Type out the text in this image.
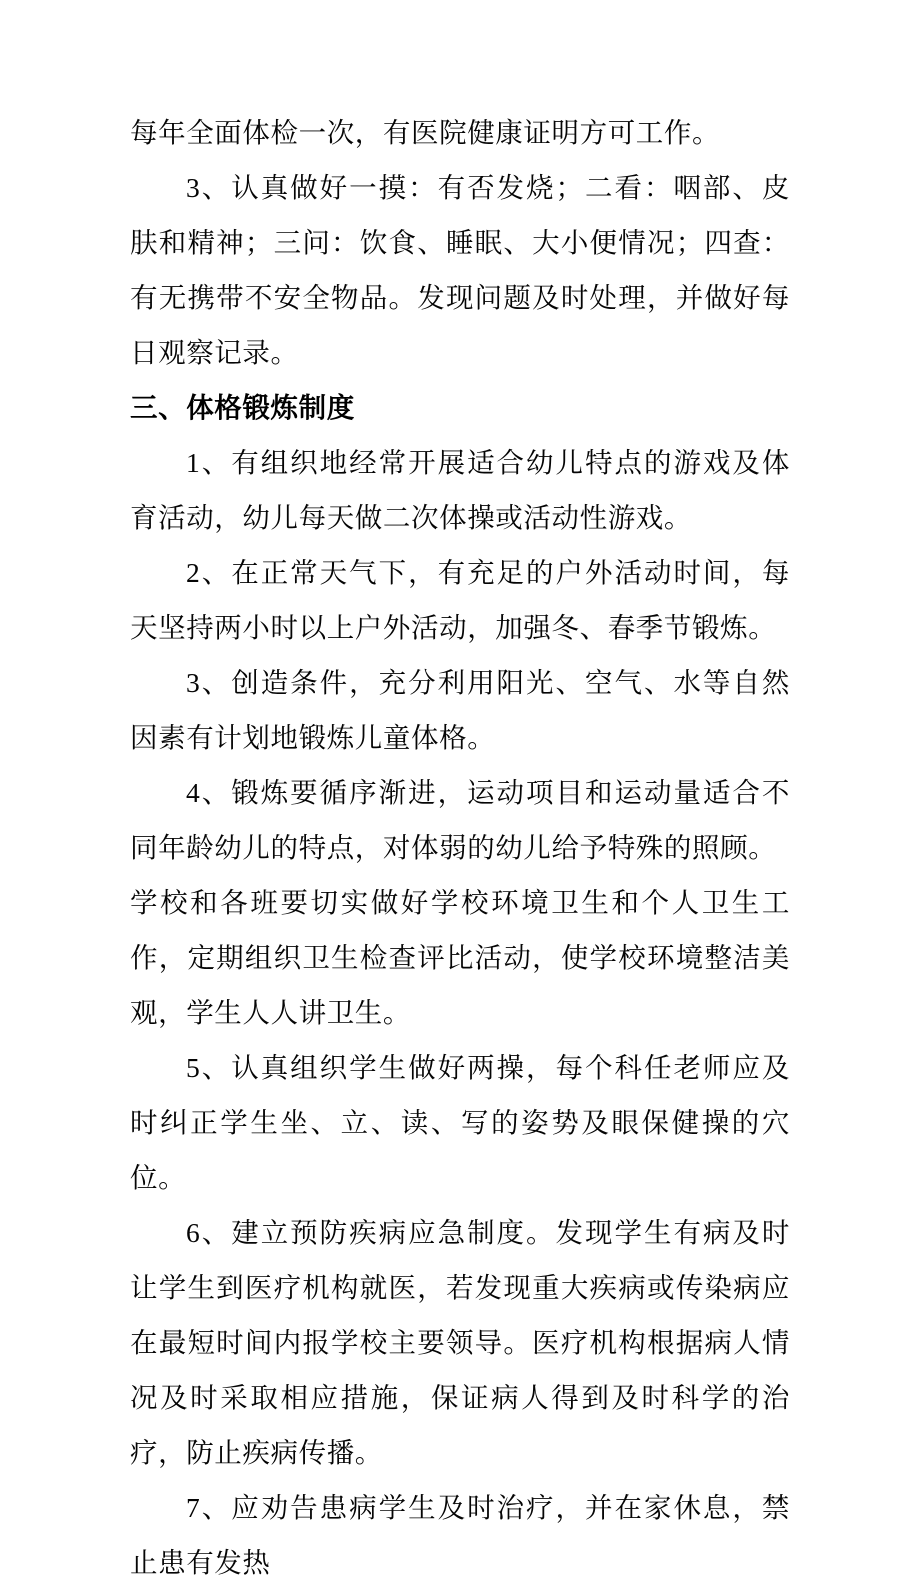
每年全面体检一次，有医院健康证明方可工作。

3、认真做好一摸：有否发烧；二看：咽部、皮肤和精神；三问：饮食、睡眠、大小便情况；四查：有无携带不安全物品。发现问题及时处理，并做好每日观察记录。

三、体格锻炼制度

1、有组织地经常开展适合幼儿特点的游戏及体育活动，幼儿每天做二次体操或活动性游戏。

2、在正常天气下，有充足的户外活动时间，每天坚持两小时以上户外活动，加强冬、春季节锻炼。

3、创造条件，充分利用阳光、空气、水等自然因素有计划地锻炼儿童体格。

4、锻炼要循序渐进，运动项目和运动量适合不同年龄幼儿的特点，对体弱的幼儿给予特殊的照顾。

学校和各班要切实做好学校环境卫生和个人卫生工作，定期组织卫生检查评比活动，使学校环境整洁美观，学生人人讲卫生。

5、认真组织学生做好两操，每个科任老师应及时纠正学生坐、立、读、写的姿势及眼保健操的穴位。

6、建立预防疾病应急制度。发现学生有病及时让学生到医疗机构就医，若发现重大疾病或传染病应在最短时间内报学校主要领导。医疗机构根据病人情况及时采取相应措施，保证病人得到及时科学的治疗，防止疾病传播。

7、应劝告患病学生及时治疗，并在家休息，禁止患有发热
